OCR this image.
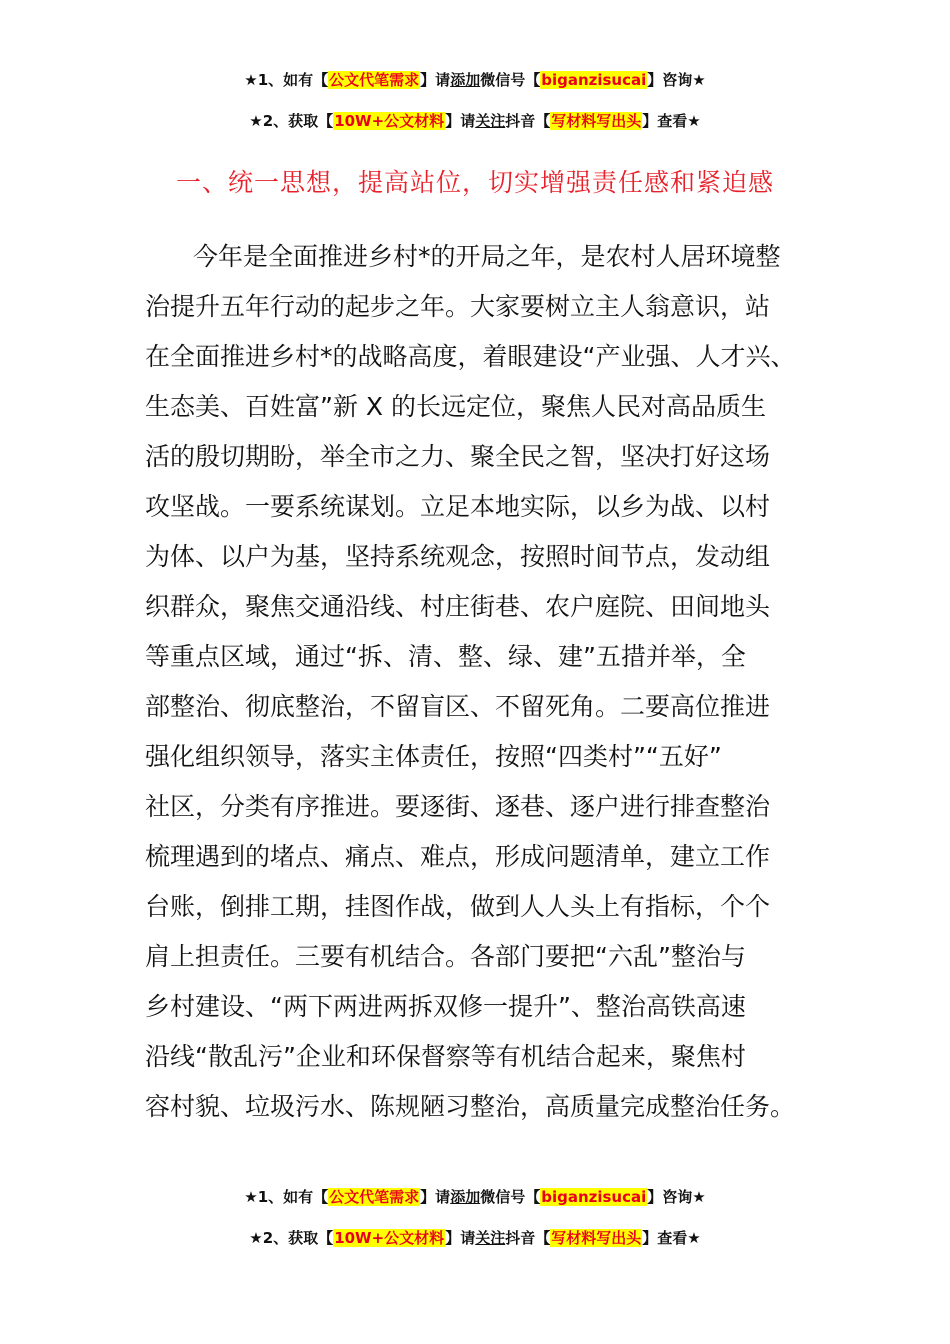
★1、如有【公文代笔需求】请添加微信号【biganzisucai】咨询★
★2、获取【10W+公文材料】请关注抖音【写材料写出头】查看★
一、统一思想，提高站位，切实增强责任感和紧迫感
今年是全面推进乡村*的开局之年，是农村人居环境整
治提升五年行动的起步之年。大家要树立主人翁意识，站
在全面推进乡村*的战略高度，着眼建设“产业强、人才兴、
生态美、百姓富”新 X 的长远定位，聚焦人民对高品质生
活的殷切期盼，举全市之力、聚全民之智，坚决打好这场
攻坚战。一要系统谋划。立足本地实际，以乡为战、以村
为体、以户为基，坚持系统观念，按照时间节点，发动组
织群众，聚焦交通沿线、村庄街巷、农户庭院、田间地头
等重点区域，通过“拆、清、整、绿、建”五措并举，全
部整治、彻底整治，不留盲区、不留死角。二要高位推进
强化组织领导，落实主体责任，按照“四类村”“五好”
社区，分类有序推进。要逐街、逐巷、逐户进行排查整治
梳理遇到的堵点、痛点、难点，形成问题清单，建立工作
台账，倒排工期，挂图作战，做到人人头上有指标，个个
肩上担责任。三要有机结合。各部门要把“六乱”整治与
乡村建设、“两下两进两拆双修一提升”、整治高铁高速
沿线“散乱污”企业和环保督察等有机结合起来，聚焦村
容村貌、垃圾污水、陈规陋习整治，高质量完成整治任务。
★1、如有【公文代笔需求】请添加微信号【biganzisucai】咨询★
★2、获取【10W+公文材料】请关注抖音【写材料写出头】查看★
